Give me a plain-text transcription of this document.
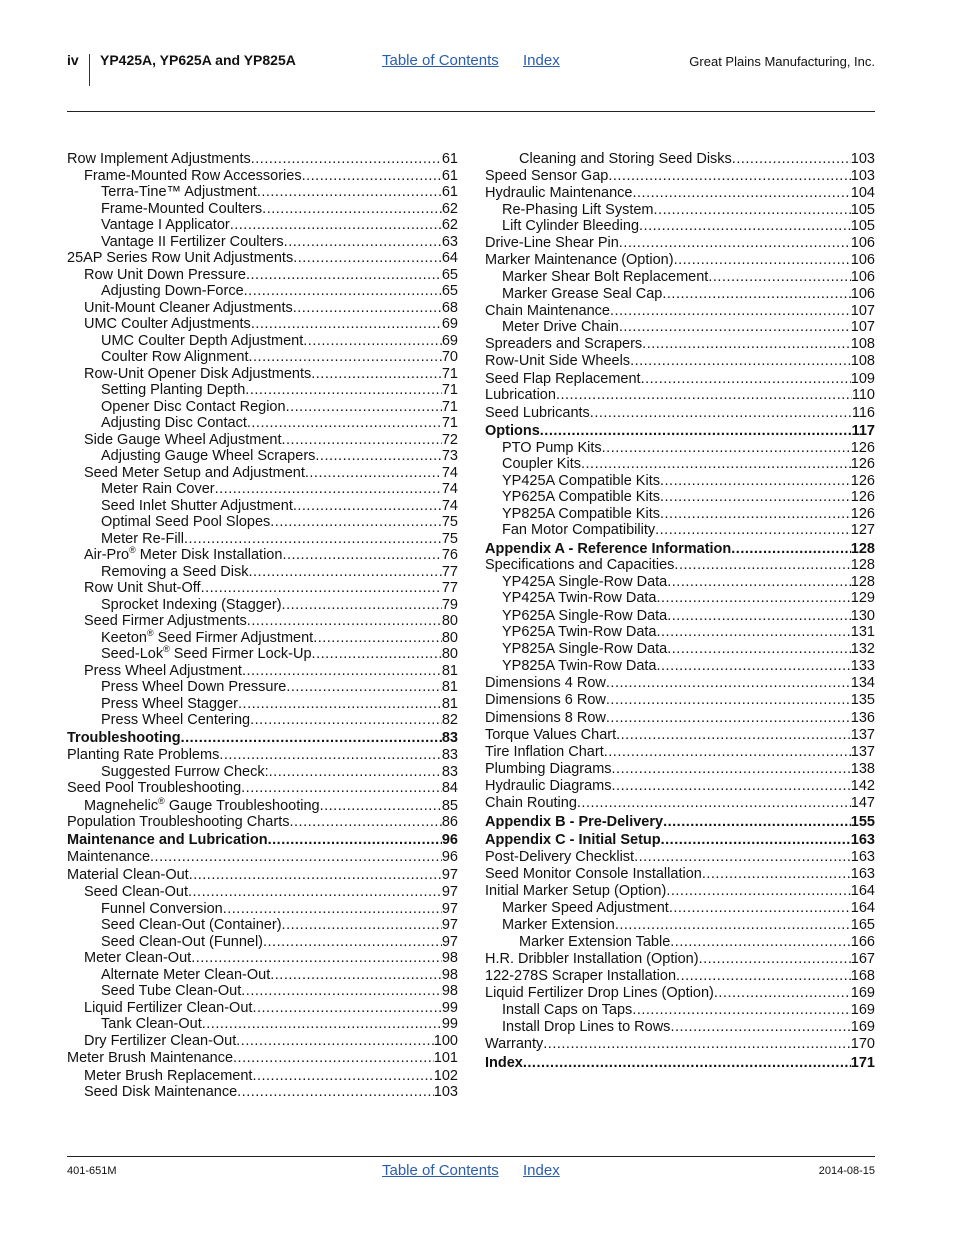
iv YP425A, YP625A and YP825A	Table of Contents Index	Great Plains Manufacturing, Inc.
Row Implement Adjustments .....	61
Frame-Mounted Row Accessories .....	61
Terra-Tine™ Adjustment .....	61
Frame-Mounted Coulters .....	62
Vantage I Applicator .....	62
Vantage II Fertilizer Coulters .....	63
25AP Series Row Unit Adjustments .....	64
Row Unit Down Pressure .....	65
Adjusting Down-Force .....	65
Unit-Mount Cleaner Adjustments .....	68
UMC Coulter Adjustments .....	69
UMC Coulter Depth Adjustment .....	69
Coulter Row Alignment .....	70
Row-Unit Opener Disk Adjustments .....	71
Setting Planting Depth .....	71
Opener Disc Contact Region .....	71
Adjusting Disc Contact .....	71
Side Gauge Wheel Adjustment .....	72
Adjusting Gauge Wheel Scrapers .....	73
Seed Meter Setup and Adjustment .....	74
Meter Rain Cover .....	74
Seed Inlet Shutter Adjustment .....	74
Optimal Seed Pool Slopes .....	75
Meter Re-Fill .....	75
Air-Pro® Meter Disk Installation .....	76
Removing a Seed Disk .....	77
Row Unit Shut-Off .....	77
Sprocket Indexing (Stagger) .....	79
Seed Firmer Adjustments .....	80
Keeton® Seed Firmer Adjustment .....	80
Seed-Lok® Seed Firmer Lock-Up .....	80
Press Wheel Adjustment .....	81
Press Wheel Down Pressure .....	81
Press Wheel Stagger .....	81
Press Wheel Centering .....	82
Troubleshooting .....	83
Planting Rate Problems .....	83
Suggested Furrow Check: .....	83
Seed Pool Troubleshooting .....	84
Magnehelic® Gauge Troubleshooting .....	85
Population Troubleshooting Charts .....	86
Maintenance and Lubrication .....	96
Maintenance .....	96
Material Clean-Out .....	97
Seed Clean-Out .....	97
Funnel Conversion .....	97
Seed Clean-Out (Container) .....	97
Seed Clean-Out (Funnel) .....	97
Meter Clean-Out .....	98
Alternate Meter Clean-Out .....	98
Seed Tube Clean-Out .....	98
Liquid Fertilizer Clean-Out .....	99
Tank Clean-Out .....	99
Dry Fertilizer Clean-Out .....	100
Meter Brush Maintenance .....	101
Meter Brush Replacement .....	102
Seed Disk Maintenance .....	103
Cleaning and Storing Seed Disks .....	103
Speed Sensor Gap .....	103
Hydraulic Maintenance .....	104
Re-Phasing Lift System .....	105
Lift Cylinder Bleeding .....	105
Drive-Line Shear Pin .....	106
Marker Maintenance (Option) .....	106
Marker Shear Bolt Replacement .....	106
Marker Grease Seal Cap .....	106
Chain Maintenance .....	107
Meter Drive Chain .....	107
Spreaders and Scrapers .....	108
Row-Unit Side Wheels .....	108
Seed Flap Replacement .....	109
Lubrication .....	110
Seed Lubricants .....	116
Options .....	117
PTO Pump Kits .....	126
Coupler Kits .....	126
YP425A Compatible Kits .....	126
YP625A Compatible Kits .....	126
YP825A Compatible Kits .....	126
Fan Motor Compatibility .....	127
Appendix A - Reference Information .....	128
Specifications and Capacities .....	128
YP425A Single-Row Data .....	128
YP425A Twin-Row Data .....	129
YP625A Single-Row Data .....	130
YP625A Twin-Row Data .....	131
YP825A Single-Row Data .....	132
YP825A Twin-Row Data .....	133
Dimensions 4 Row .....	134
Dimensions 6 Row .....	135
Dimensions 8 Row .....	136
Torque Values Chart .....	137
Tire Inflation Chart .....	137
Plumbing Diagrams .....	138
Hydraulic Diagrams .....	142
Chain Routing .....	147
Appendix B - Pre-Delivery .....	155
Appendix C - Initial Setup .....	163
Post-Delivery Checklist .....	163
Seed Monitor Console Installation .....	163
Initial Marker Setup (Option) .....	164
Marker Speed Adjustment .....	164
Marker Extension .....	165
Marker Extension Table .....	166
H.R. Dribbler Installation (Option) .....	167
122-278S Scraper Installation .....	168
Liquid Fertilizer Drop Lines (Option) .....	169
Install Caps on Taps .....	169
Install Drop Lines to Rows .....	169
Warranty .....	170
Index .....	171
401-651M	Table of Contents Index	2014-08-15
